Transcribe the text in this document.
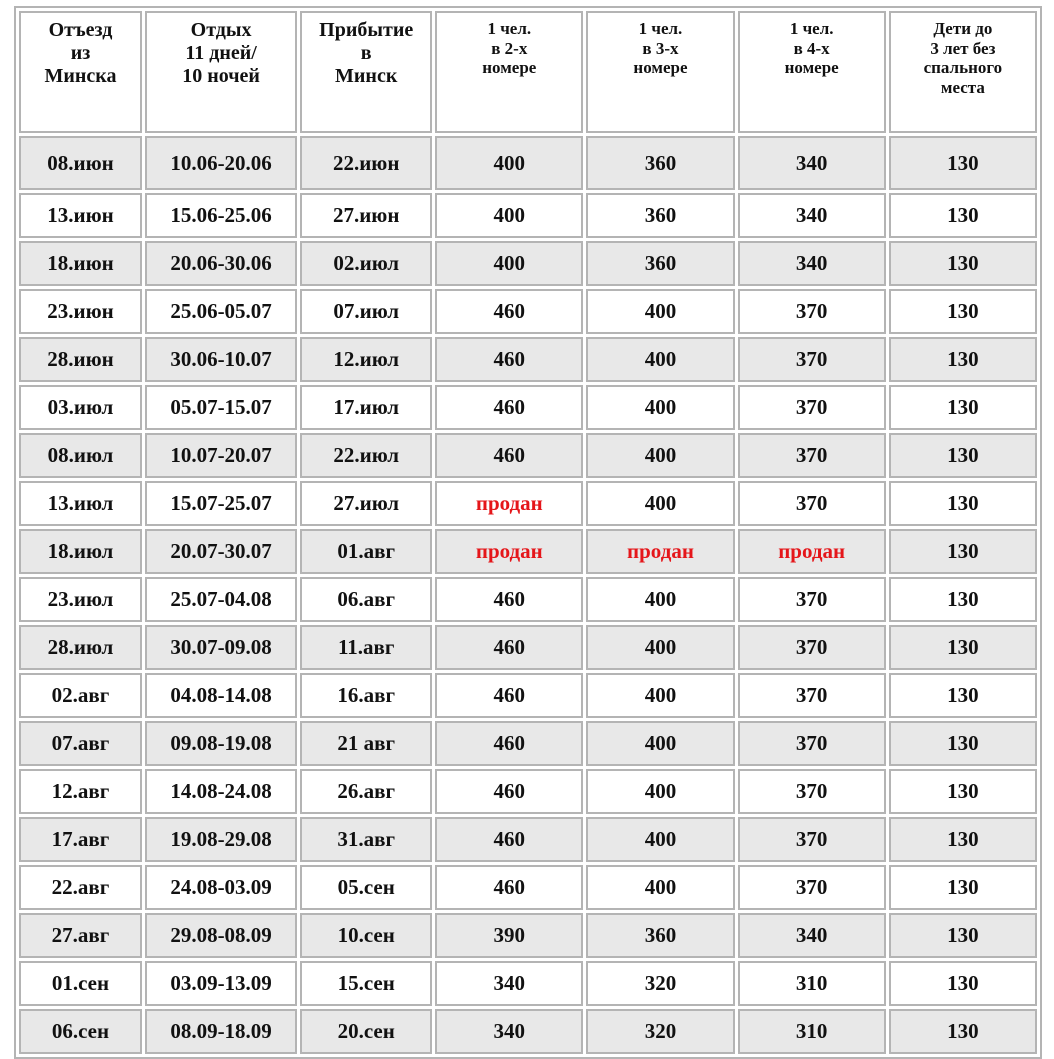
Отъезд
из
Минска	Отдых
11 дней/
10 ночей	Прибытие
в
Минск	1 чел.
в 2-х
номере	1 чел.
в 3-х
номере	1 чел.
в 4-х
номере	Дети до
3 лет без
спального
места

08.июн	10.06-20.06	22.июн	400	360	340	130
13.июн	15.06-25.06	27.июн	400	360	340	130
18.июн	20.06-30.06	02.июл	400	360	340	130
23.июн	25.06-05.07	07.июл	460	400	370	130
28.июн	30.06-10.07	12.июл	460	400	370	130
03.июл	05.07-15.07	17.июл	460	400	370	130
08.июл	10.07-20.07	22.июл	460	400	370	130
13.июл	15.07-25.07	27.июл	продан	400	370	130
18.июл	20.07-30.07	01.авг	продан	продан	продан	130
23.июл	25.07-04.08	06.авг	460	400	370	130
28.июл	30.07-09.08	11.авг	460	400	370	130
02.авг	04.08-14.08	16.авг	460	400	370	130
07.авг	09.08-19.08	21 авг	460	400	370	130
12.авг	14.08-24.08	26.авг	460	400	370	130
17.авг	19.08-29.08	31.авг	460	400	370	130
22.авг	24.08-03.09	05.сен	460	400	370	130
27.авг	29.08-08.09	10.сен	390	360	340	130
01.сен	03.09-13.09	15.сен	340	320	310	130
06.сен	08.09-18.09	20.сен	340	320	310	130
